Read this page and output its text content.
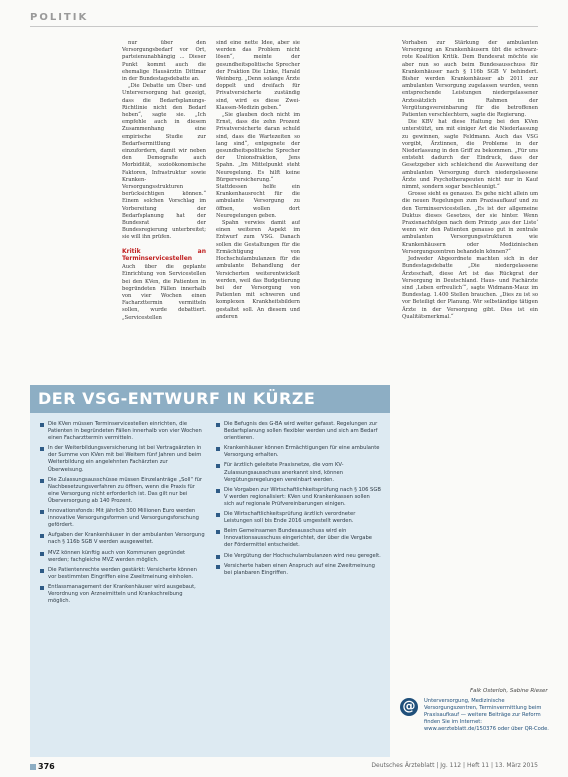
POLITIK

nur über den Versorgungsbedarf vor Ort, parteienunabhängig ... Dieser Punkt kommt auch die ehemalige Hausärztin Dittmar in der Bundestagsdebatte an.

„Die Debatte um Über- und Unterversorgung hat gezeigt, dass die Bedarfsplanungs-Richtlinie nicht den Bedarf heben“, sagte sie. „Ich empfehle auch in diesem Zusammenhang eine empirische Studie zur Bedarfsermittlung einzufordern, damit wir neben den Demografie auch Morbidität, sozioökonomische Faktoren, Infrastruktur sowie Kranken-Versorgungsstrukturen berücksichtigen können.“ Einem solchen Vorschlag im Vorbereitung der Bedarfsplanung hat der Bundesrat der Bundesregierung unterbreitet; sie will ihn prüfen.

Kritik an Terminservicestellen

Auch über die geplante Einrichtung von Servicestellen bei den KVen, die Patienten in begründeten Fällen innerhalb von vier Wochen einen Facharzttermin vermitteln sollen, wurde debattiert. „Servicestellen

sind eine nette Idee, aber sie werden das Problem nicht lösen“, meinte der gesundheitspolitische Sprecher der Fraktion Die Linke, Harald Weinberg. „Denn solange Ärzte doppelt und dreifach für Privatversicherte zuständig sind, wird es diese Zwei-Klassen-Medizin geben.“

„Sie glauben doch nicht im Ernst, dass die zehn Prozent Privatversicherte daran schuld sind, dass die Wartezeiten so lang sind“, entgegnete der gesundheitspolitische Sprecher der Unionsfraktion, Jens Spahn. „Im Mittelpunkt steht Neuregelung. Es hilft keine Bürgerversicherung.“ Stattdessen helfe ein Krankenhausrecht für die ambulante Versorgung zu öffnen, wollen dort Neuregelungen geben.

Spahn verwies damit auf einen weiteren Aspekt im Entwurf zum VSG. Danach sollen die Gestaltungen für die Ermächtigung von Hochschulambulanzen für die ambulante Behandlung der Versicherten weiterentwickelt werden, weil das Budgetierung bei der Versorgung von Patienten mit schweren und komplexen Krankheitsbildern gestaltet soll. An diesem und anderen

Vorhaben zur Stärkung der ambulanten Versorgung an Krankenhäusern übt die schwarz-rote Koalition Kritik. Dem Bundesrat möchte sie aber nun so auch beim Bundesausschuss für Krankenhäuser nach § 116b SGB V behindert. Bisher werden Krankenhäuser ab 2011 zur ambulanten Versorgung zugelassen wurden, wenn entsprechende Leistungen niedergelassener Arztesätzlich im Rahmen der Vergütungsvereinbarung für die betroffenen Patienten verschlechtern, sagte die Regierung.

Die KBV hat diese Haltung bei den KVen unterstützt, um mit einiger Art die Niederlassung zu gewinnen, sagte Feldmann. Auch das VSG vorgibt, Ärztinnen, die Probleme in der Niederlassung in den Griff zu bekommen. „Für uns entsteht dadurch der Eindruck, dass der Gesetzgeber sich schleichend die Ausweitung der ambulanten Versorgung durch niedergelassene Ärzte und Psychotherapeuten nicht nur in Kauf nimmt, sondern sogar beschleunigt.“

Grosse sieht es genauso. Es gehe nicht allein um die neuen Regelungen zum Praxisaufkauf und zu den Terminservicestellen. „Es ist der allgemeine Duktus dieses Gesetzes, der sie hinter. Wenn Praxisnachfolgen nach dem Prinzip ‚aus der Liste‘ wenn wir den Patienten genauso gut in zentrale ambulanten Versorgungsstrukturen wie Krankenhäusern oder Medizinischen Versorgungszentren behandeln können?“

Jedweder Abgeordnete machten sich in der Bundestagsdebatte „Die niedergelassene Ärzteschaft, diese Art ist das Rückgrat der Versorgung in Deutschland. Haus- und Fachärzte sind ‚Leben erfreulich‘“, sagte Widmann-Mauz im Bundestag. 1.400 Stellen brauchen. „Dies zu ist so vor Beteiligt der Planung. Wir selbständige tätigen Ärzte in der Versorgung gibt. Dies ist ein Qualitätsmerkmal.“

Falk Osterloh, Sabine Rieser
DER VSG-ENTWURF IN KÜRZE
Die KVen müssen Terminservicestellen einrichten, die Patienten in begründeten Fällen innerhalb von vier Wochen einen Facharzttermin vermitteln.
In der Weiterbildungsversicherung ist bei Vertragsärzten in der Summe von KVen mit bei Weitem fünf Jahren und beim Weiterbildung ein angelehnten Fachärzten zur Überweisung.
Die Zulassungsausschüsse müssen Einzelanträge „Soll“ für Nachbesetzungsverfahren zu öffnen, wenn die Praxis für eine Versorgung nicht erforderlich ist. Das gilt nur bei Überversorgung ab 140 Prozent.
Innovationsfonds: Mit jährlich 300 Millionen Euro werden innovative Versorgungsformen und Versorgungsforschung gefördert.
Aufgaben der Krankenhäuser in der ambulanten Versorgung nach § 116b SGB V werden ausgeweitet.
MVZ können künftig auch von Kommunen gegründet werden; fachgleiche MVZ werden möglich.
Die Patientenrechte werden gestärkt: Versicherte können vor bestimmten Eingriffen eine Zweitmeinung einholen.
Entlassmanagement der Krankenhäuser wird ausgebaut, Verordnung von Arzneimitteln und Krankschreibung möglich.
Die Befugnis des G-BA wird weiter gefasst. Regelungen zur Bedarfsplanung sollen flexibler werden und sich am Bedarf orientieren.
Krankenhäuser können Ermächtigungen für eine ambulante Versorgung erhalten.
Für ärztlich geleitete Praxisnetze, die vom KV-Zulassungsausschuss anerkannt sind, können Vergütungsregelungen vereinbart werden.
Die Vorgaben zur Wirtschaftlichkeitsprüfung nach § 106 SGB V werden regionalisiert: KVen und Krankenkassen sollen sich auf regionale Prüfvereinbarungen einigen.
Die Wirtschaftlichkeitsprüfung ärztlich verordneter Leistungen soll bis Ende 2016 umgestellt werden.
Beim Gemeinsamen Bundesausschuss wird ein Innovationsausschuss eingerichtet, der über die Vergabe der Fördermittel entscheidet.
Die Vergütung der Hochschulambulanzen wird neu geregelt.
Versicherte haben einen Anspruch auf eine Zweitmeinung bei planbaren Eingriffen.
@	Unterversorgung, Medizinische Versorgungszentren, Terminvermittlung beim Praxisaufkauf — weitere Beiträge zur Reform finden Sie im Internet: www.aerzteblatt.de/150376 oder über QR-Code.
376	Deutsches Ärzteblatt | Jg. 112 | Heft 11 | 13. März 2015
